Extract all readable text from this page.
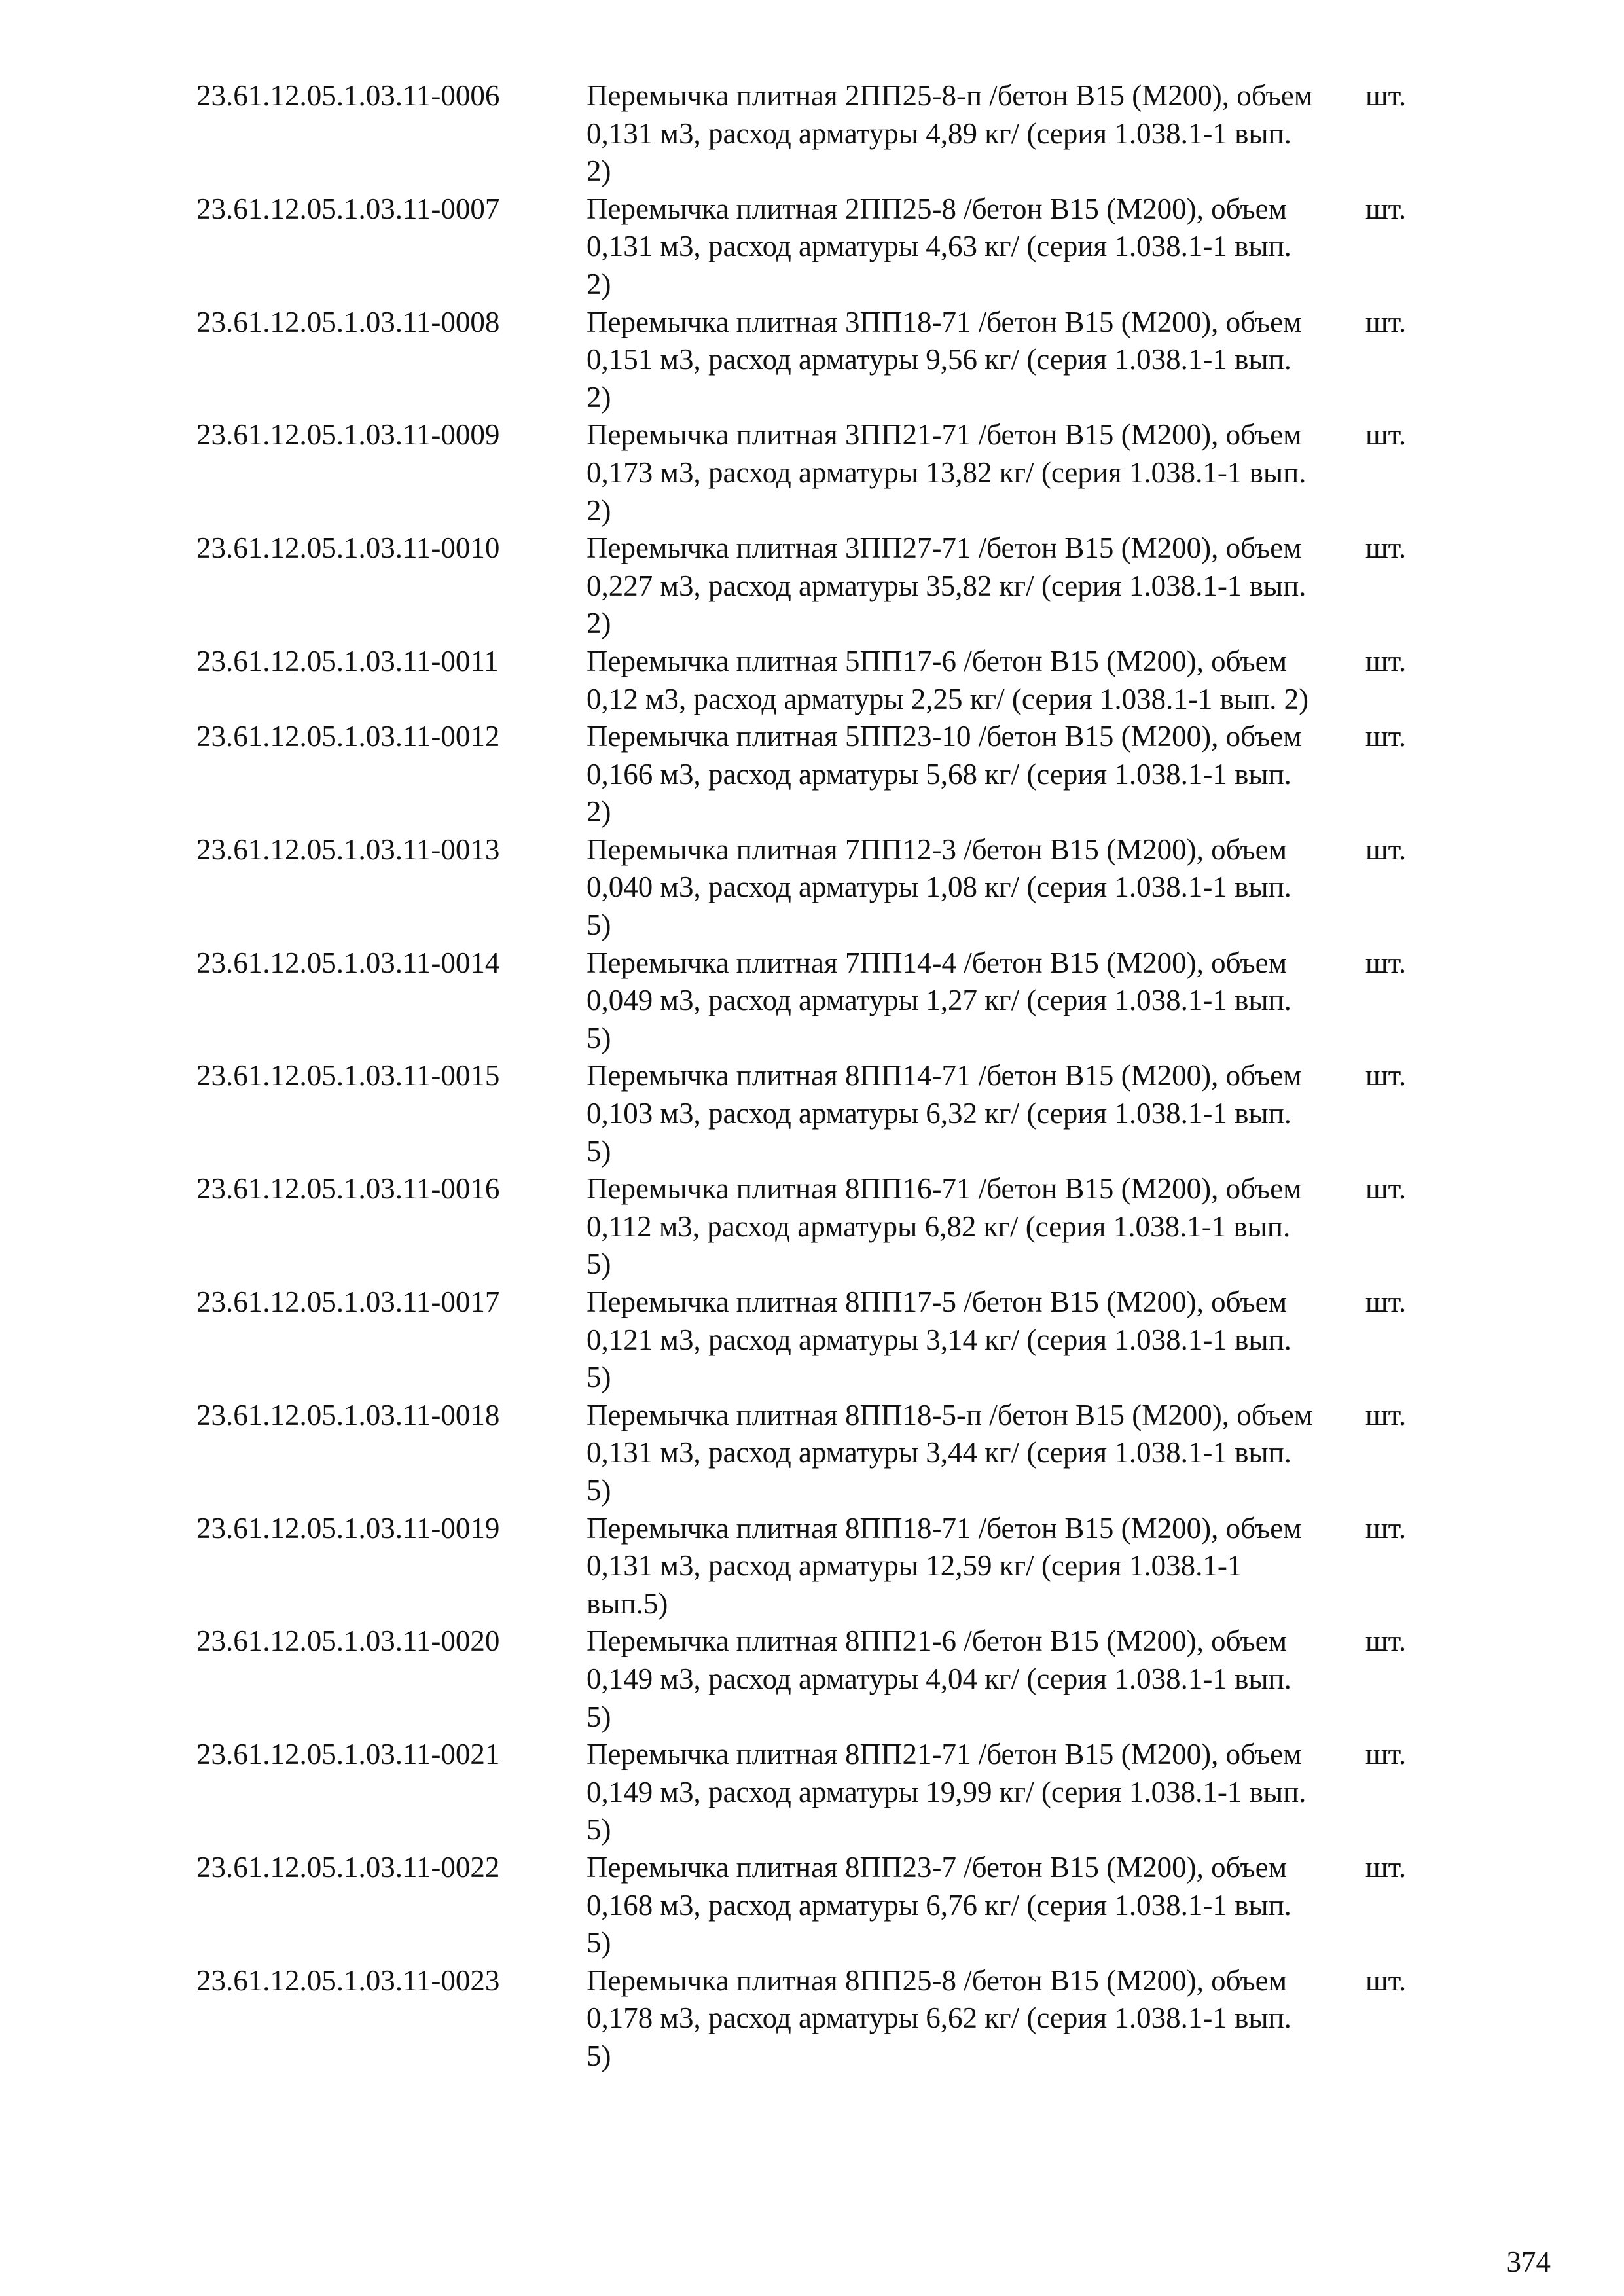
23.61.12.05.1.03.11-0006	Перемычка плитная 2ПП25-8-п /бетон В15 (М200), объем 0,131 м3, расход арматуры 4,89 кг/ (серия 1.038.1-1 вып. 2)	шт.
23.61.12.05.1.03.11-0007	Перемычка плитная 2ПП25-8 /бетон В15 (М200), объем 0,131 м3, расход арматуры 4,63 кг/ (серия 1.038.1-1 вып. 2)	шт.
23.61.12.05.1.03.11-0008	Перемычка плитная 3ПП18-71 /бетон В15 (М200), объем 0,151 м3, расход арматуры 9,56 кг/ (серия 1.038.1-1 вып. 2)	шт.
23.61.12.05.1.03.11-0009	Перемычка плитная 3ПП21-71 /бетон В15 (М200), объем 0,173 м3, расход арматуры 13,82 кг/ (серия 1.038.1-1 вып. 2)	шт.
23.61.12.05.1.03.11-0010	Перемычка плитная 3ПП27-71 /бетон В15 (М200), объем 0,227 м3, расход арматуры 35,82 кг/ (серия 1.038.1-1 вып. 2)	шт.
23.61.12.05.1.03.11-0011	Перемычка плитная 5ПП17-6 /бетон В15 (М200), объем 0,12 м3, расход арматуры 2,25 кг/ (серия 1.038.1-1 вып. 2)	шт.
23.61.12.05.1.03.11-0012	Перемычка плитная 5ПП23-10 /бетон В15 (М200), объем 0,166 м3, расход арматуры 5,68 кг/ (серия 1.038.1-1 вып. 2)	шт.
23.61.12.05.1.03.11-0013	Перемычка плитная 7ПП12-3 /бетон В15 (М200), объем 0,040 м3, расход арматуры 1,08 кг/ (серия 1.038.1-1 вып. 5)	шт.
23.61.12.05.1.03.11-0014	Перемычка плитная 7ПП14-4 /бетон В15 (М200), объем 0,049 м3, расход арматуры 1,27 кг/ (серия 1.038.1-1 вып. 5)	шт.
23.61.12.05.1.03.11-0015	Перемычка плитная 8ПП14-71 /бетон В15 (М200), объем 0,103 м3, расход арматуры 6,32 кг/ (серия 1.038.1-1 вып. 5)	шт.
23.61.12.05.1.03.11-0016	Перемычка плитная 8ПП16-71 /бетон В15 (М200), объем 0,112 м3, расход арматуры 6,82 кг/ (серия 1.038.1-1 вып. 5)	шт.
23.61.12.05.1.03.11-0017	Перемычка плитная 8ПП17-5 /бетон В15 (М200), объем 0,121 м3, расход арматуры 3,14 кг/ (серия 1.038.1-1 вып. 5)	шт.
23.61.12.05.1.03.11-0018	Перемычка плитная 8ПП18-5-п /бетон В15 (М200), объем 0,131 м3, расход арматуры 3,44 кг/ (серия 1.038.1-1 вып. 5)	шт.
23.61.12.05.1.03.11-0019	Перемычка плитная 8ПП18-71 /бетон В15 (М200), объем 0,131 м3, расход арматуры 12,59 кг/ (серия 1.038.1-1 вып.5)	шт.
23.61.12.05.1.03.11-0020	Перемычка плитная 8ПП21-6 /бетон В15 (М200), объем 0,149 м3, расход арматуры 4,04 кг/ (серия 1.038.1-1 вып. 5)	шт.
23.61.12.05.1.03.11-0021	Перемычка плитная 8ПП21-71 /бетон В15 (М200), объем 0,149 м3, расход арматуры 19,99 кг/ (серия 1.038.1-1 вып. 5)	шт.
23.61.12.05.1.03.11-0022	Перемычка плитная 8ПП23-7 /бетон В15 (М200), объем 0,168 м3, расход арматуры 6,76 кг/ (серия 1.038.1-1 вып. 5)	шт.
23.61.12.05.1.03.11-0023	Перемычка плитная 8ПП25-8 /бетон В15 (М200), объем 0,178 м3, расход арматуры 6,62 кг/ (серия 1.038.1-1 вып. 5)	шт.
374
